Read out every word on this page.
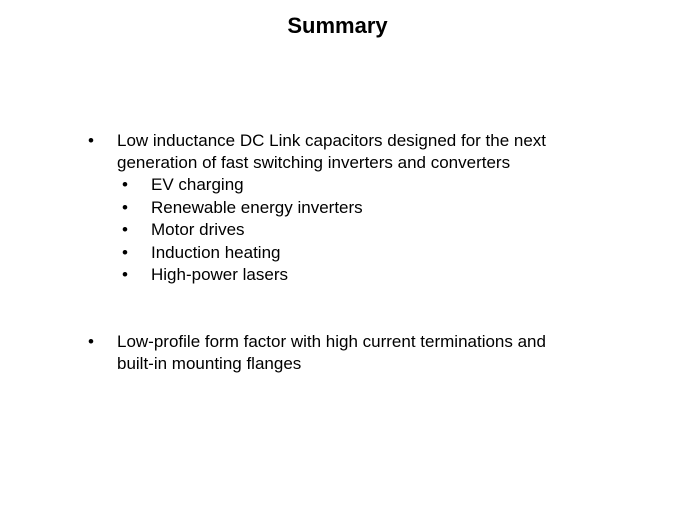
Summary
• Low inductance DC Link capacitors designed for the next
generation of fast switching inverters and converters
• EV charging
• Renewable energy inverters
• Motor drives
• Induction heating
• High-power lasers
• Low-profile form factor with high current terminations and
built-in mounting flanges
